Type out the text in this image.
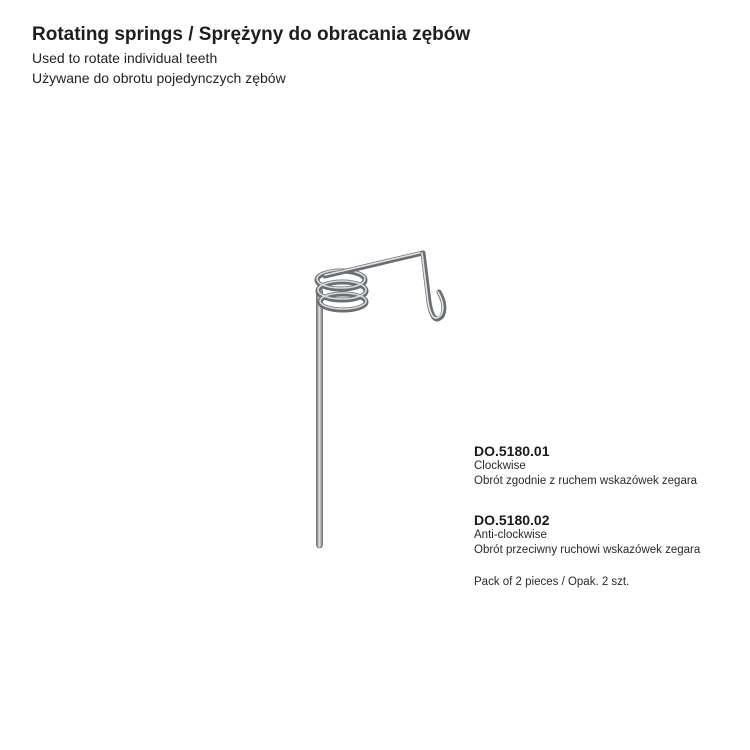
Rotating springs / Sprężyny do obracania zębów
Used to rotate individual teeth
Używane do obrotu pojedynczych zębów
DO.5180.01
Clockwise
Obrót zgodnie z ruchem wskazówek zegara
DO.5180.02
Anti-clockwise
Obrót przeciwny ruchowi wskazówek zegara
Pack of 2 pieces / Opak. 2 szt.
